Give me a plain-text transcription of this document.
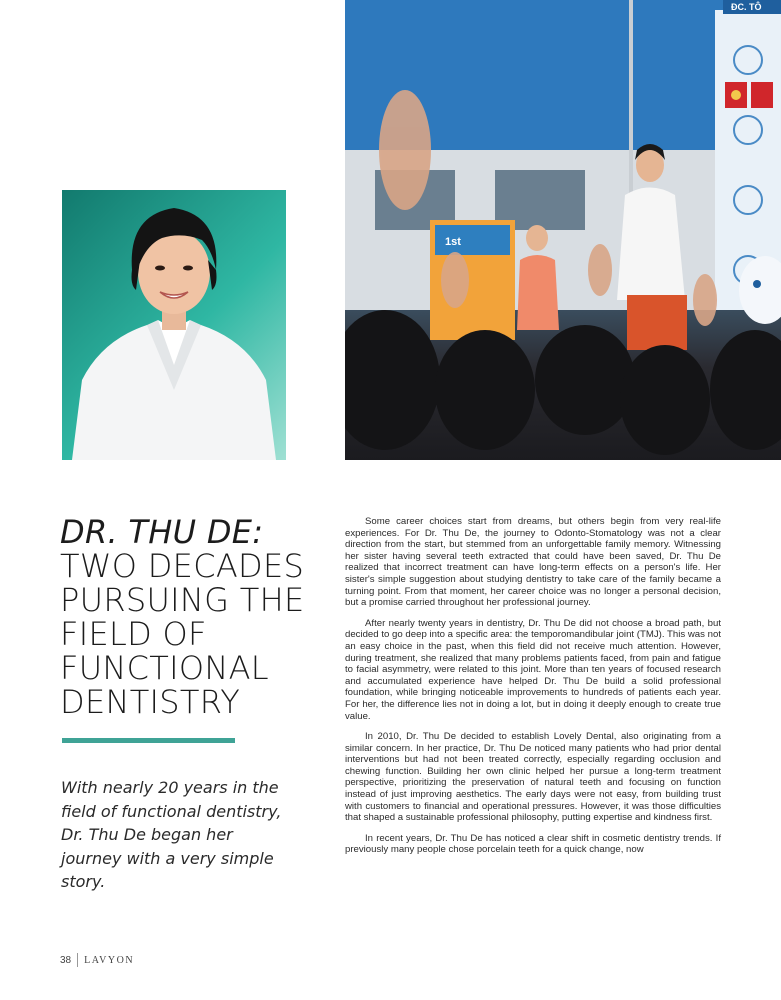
ĐC. TÔ
1st
DR. THU DE:
TWO DECADES PURSUING THE FIELD OF FUNCTIONAL DENTISTRY

With nearly 20 years in the field of functional dentistry, Dr. Thu De began her journey with a very simple story.

Some career choices start from dreams, but others begin from very real-life experiences. For Dr. Thu De, the journey to Odonto-Stomatology was not a clear direction from the start, but stemmed from an unforgettable family memory. Witnessing her sister having several teeth extracted that could have been saved, Dr. Thu De realized that incorrect treatment can have long-term effects on a person's life. Her sister's simple suggestion about studying dentistry to take care of the family became a turning point. From that moment, her career choice was no longer a personal decision, but a promise carried throughout her professional journey.

After nearly twenty years in dentistry, Dr. Thu De did not choose a broad path, but decided to go deep into a specific area: the temporomandibular joint (TMJ). This was not an easy choice in the past, when this field did not receive much attention. However, during treatment, she realized that many problems patients faced, from pain and fatigue to facial asymmetry, were related to this joint. More than ten years of focused research and accumulated experience have helped Dr. Thu De build a solid professional foundation, while bringing noticeable improvements to hundreds of patients each year. For her, the difference lies not in doing a lot, but in doing it deeply enough to create true value.

In 2010, Dr. Thu De decided to establish Lovely Dental, also originating from a similar concern. In her practice, Dr. Thu De noticed many patients who had prior dental interventions but had not been treated correctly, especially regarding occlusion and chewing function. Building her own clinic helped her pursue a long-term treatment perspective, prioritizing the preservation of natural teeth and focusing on function instead of just improving aesthetics. The early days were not easy, from building trust with customers to financial and operational pressures. However, it was those difficulties that shaped a sustainable professional philosophy, putting expertise and kindness first.

In recent years, Dr. Thu De has noticed a clear shift in cosmetic dentistry trends. If previously many people chose porcelain teeth for a quick change, now

38 LAVYON
